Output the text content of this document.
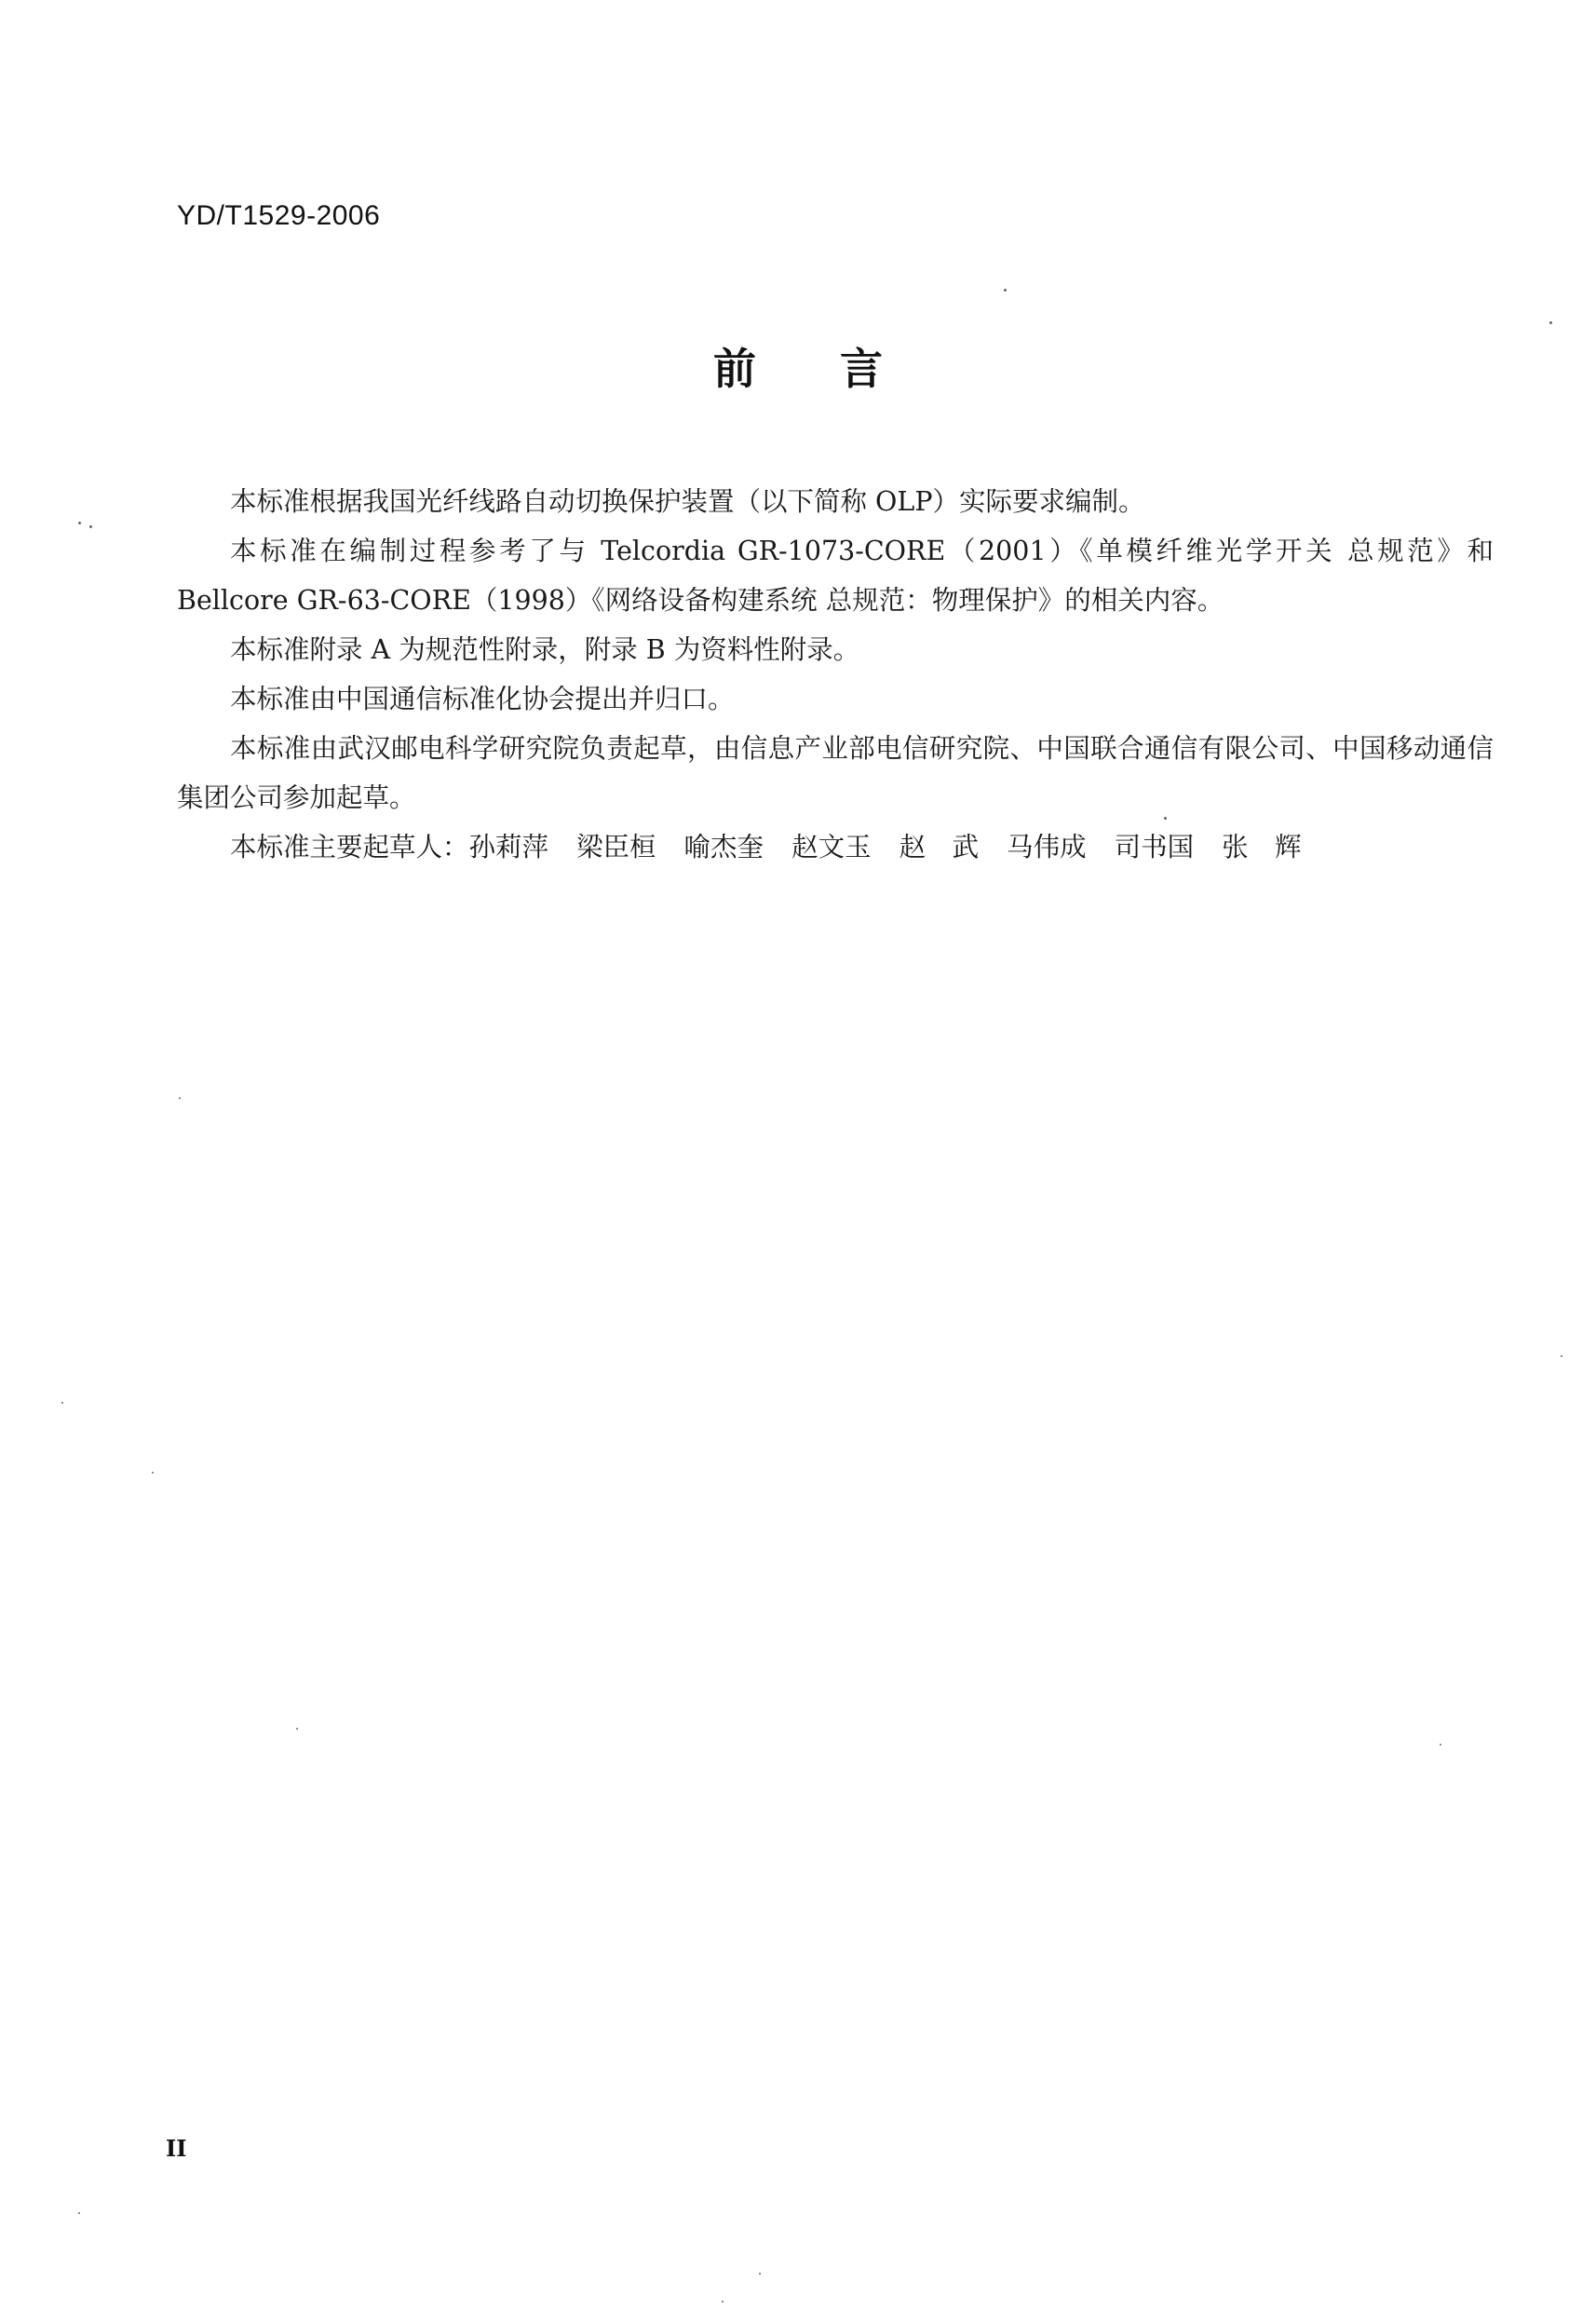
YD/T1529-2006
前言

本标准根据我国光纤线路自动切换保护装置（以下简称 OLP）实际要求编制。

本标准在编制过程参考了与 Telcordia GR-1073-CORE（2001）《单模纤维光学开关 总规范》和 Bellcore GR-63-CORE（1998）《网络设备构建系统 总规范：物理保护》的相关内容。

本标准附录 A 为规范性附录，附录 B 为资料性附录。

本标准由中国通信标准化协会提出并归口。

本标准由武汉邮电科学研究院负责起草，由信息产业部电信研究院、中国联合通信有限公司、中国移动通信集团公司参加起草。

本标准主要起草人：孙莉萍 梁臣桓 喻杰奎 赵文玉 赵　武 马伟成 司书国 张　辉
II
